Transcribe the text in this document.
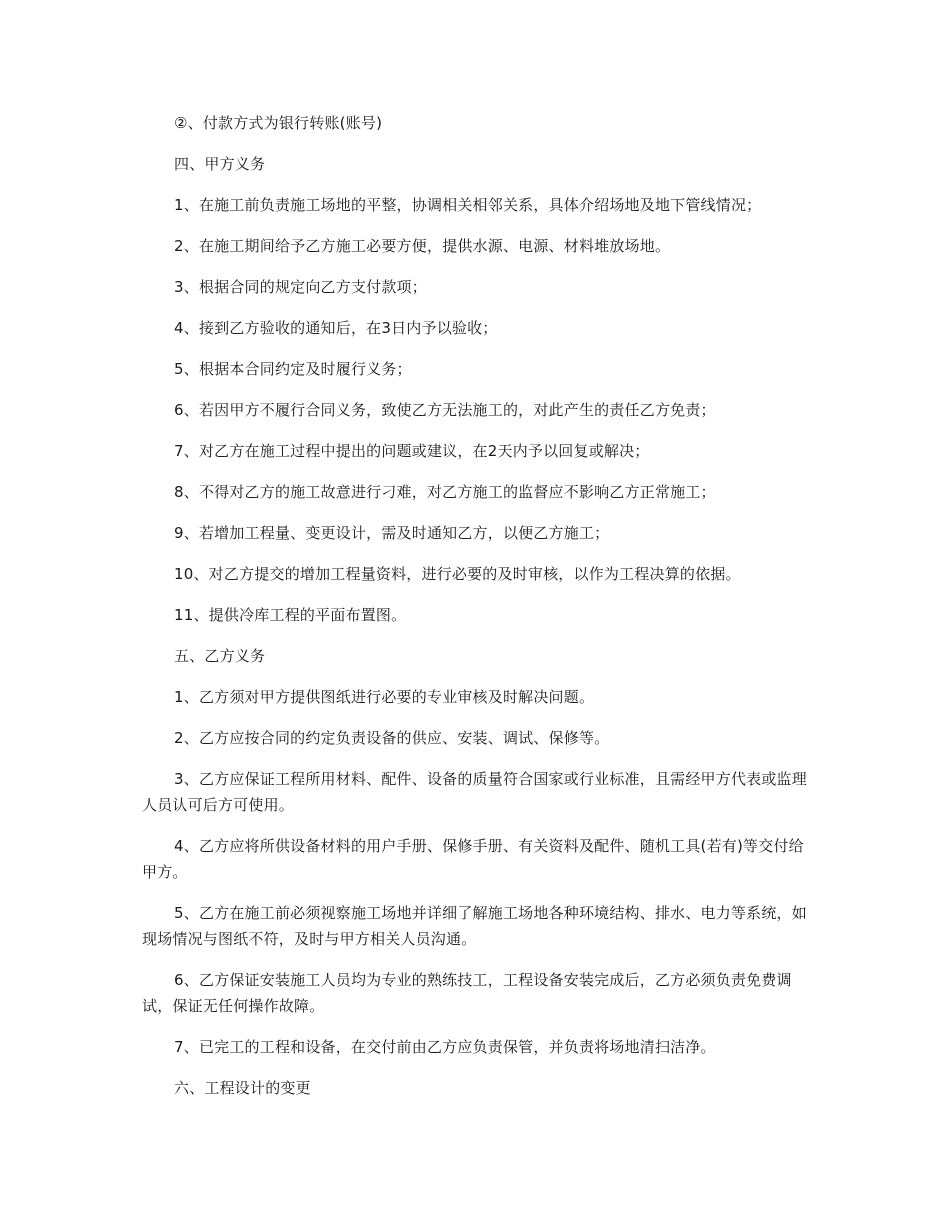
②、付款方式为银行转账(账号)

四、甲方义务

1、在施工前负责施工场地的平整，协调相关相邻关系，具体介绍场地及地下管线情况；

2、在施工期间给予乙方施工必要方便，提供水源、电源、材料堆放场地。

3、根据合同的规定向乙方支付款项；

4、接到乙方验收的通知后，在3日内予以验收；

5、根据本合同约定及时履行义务；

6、若因甲方不履行合同义务，致使乙方无法施工的，对此产生的责任乙方免责；

7、对乙方在施工过程中提出的问题或建议，在2天内予以回复或解决；

8、不得对乙方的施工故意进行刁难，对乙方施工的监督应不影响乙方正常施工；

9、若增加工程量、变更设计，需及时通知乙方，以便乙方施工；

10、对乙方提交的增加工程量资料，进行必要的及时审核，以作为工程决算的依据。

11、提供冷库工程的平面布置图。

五、乙方义务

1、乙方须对甲方提供图纸进行必要的专业审核及时解决问题。

2、乙方应按合同的约定负责设备的供应、安装、调试、保修等。

3、乙方应保证工程所用材料、配件、设备的质量符合国家或行业标准，且需经甲方代表或监理人员认可后方可使用。

4、乙方应将所供设备材料的用户手册、保修手册、有关资料及配件、随机工具(若有)等交付给甲方。

5、乙方在施工前必须视察施工场地并详细了解施工场地各种环境结构、排水、电力等系统，如现场情况与图纸不符，及时与甲方相关人员沟通。

6、乙方保证安装施工人员均为专业的熟练技工，工程设备安装完成后，乙方必须负责免费调试，保证无任何操作故障。

7、已完工的工程和设备，在交付前由乙方应负责保管，并负责将场地清扫洁净。

六、工程设计的变更
